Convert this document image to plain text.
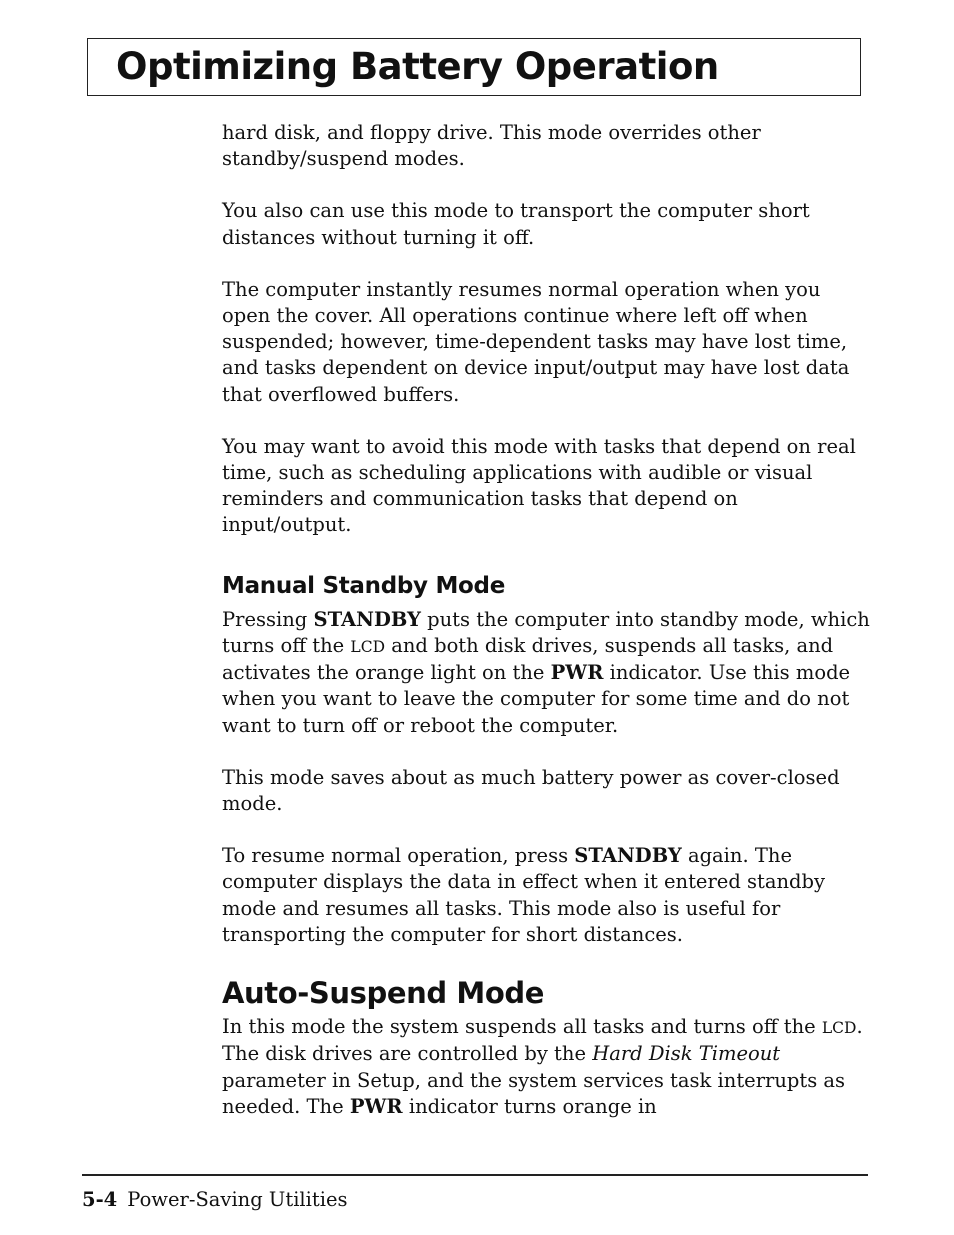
Optimizing Battery Operation

hard disk, and floppy drive. This mode overrides other standby/suspend modes.

You also can use this mode to transport the computer short distances without turning it off.

The computer instantly resumes normal operation when you open the cover. All operations continue where left off when suspended; however, time-dependent tasks may have lost time, and tasks dependent on device input/output may have lost data that overflowed buffers.

You may want to avoid this mode with tasks that depend on real time, such as scheduling applications with audible or visual reminders and communication tasks that depend on input/output.

Manual Standby Mode

Pressing STANDBY puts the computer into standby mode, which turns off the LCD and both disk drives, suspends all tasks, and activates the orange light on the PWR indicator. Use this mode when you want to leave the computer for some time and do not want to turn off or reboot the computer.

This mode saves about as much battery power as cover-closed mode.

To resume normal operation, press STANDBY again. The computer displays the data in effect when it entered standby mode and resumes all tasks. This mode also is useful for transporting the computer for short distances.

Auto-Suspend Mode

In this mode the system suspends all tasks and turns off the LCD. The disk drives are controlled by the Hard Disk Timeout parameter in Setup, and the system services task interrupts as needed. The PWR indicator turns orange in

5-4 Power-Saving Utilities
